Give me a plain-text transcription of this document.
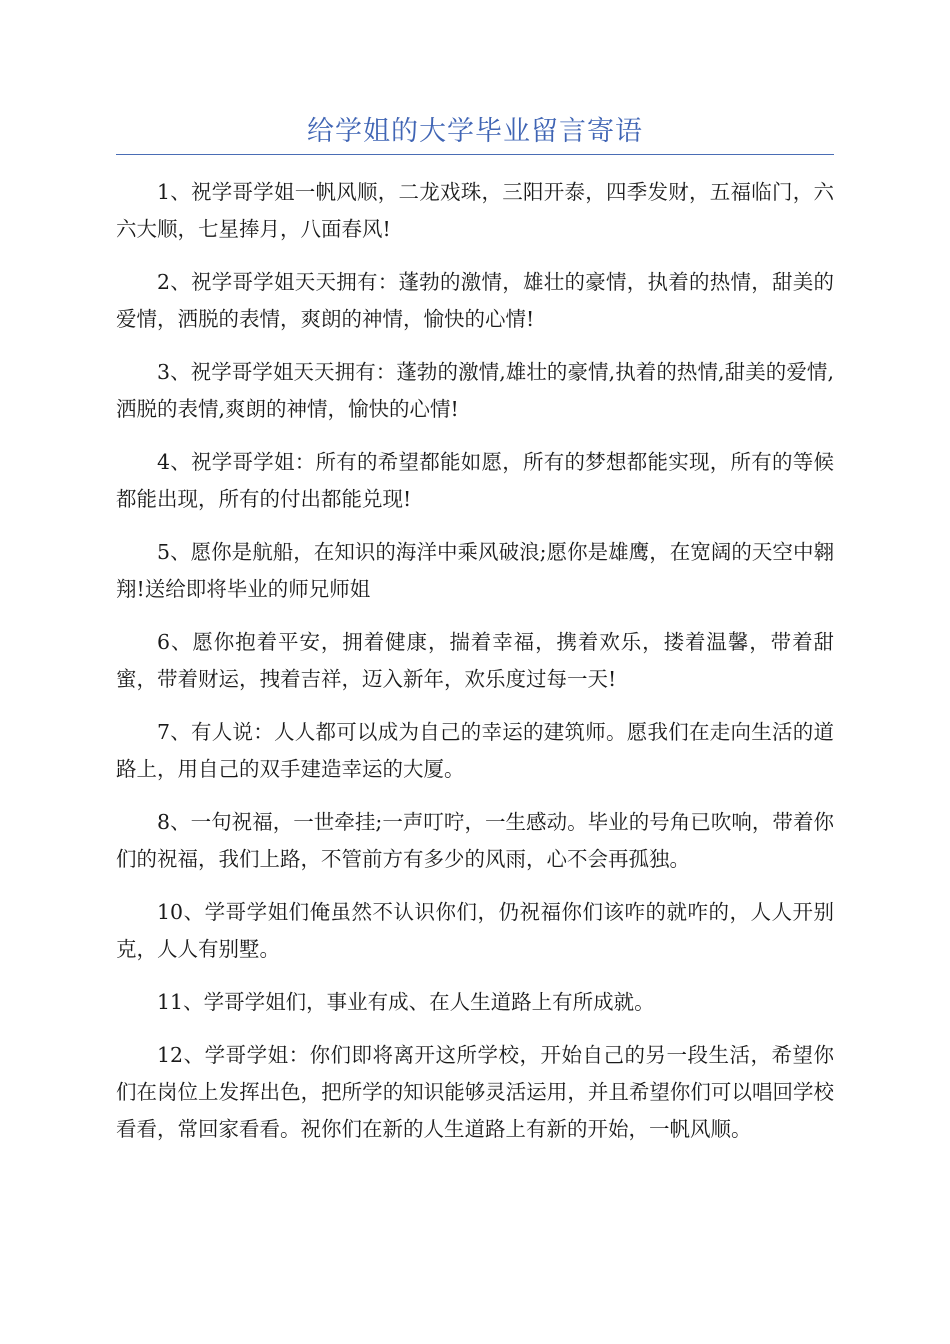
给学姐的大学毕业留言寄语

1、祝学哥学姐一帆风顺，二龙戏珠，三阳开泰，四季发财，五福临门，六六大顺，七星捧月，八面春风!

2、祝学哥学姐天天拥有：蓬勃的激情，雄壮的豪情，执着的热情，甜美的爱情，洒脱的表情，爽朗的神情，愉快的心情!

3、祝学哥学姐天天拥有：蓬勃的激情,雄壮的豪情,执着的热情,甜美的爱情,洒脱的表情,爽朗的神情，愉快的心情!

4、祝学哥学姐：所有的希望都能如愿，所有的梦想都能实现，所有的等候都能出现，所有的付出都能兑现!

5、愿你是航船，在知识的海洋中乘风破浪;愿你是雄鹰，在宽阔的天空中翱翔!送给即将毕业的师兄师姐

6、愿你抱着平安，拥着健康，揣着幸福，携着欢乐，搂着温馨，带着甜蜜，带着财运，拽着吉祥，迈入新年，欢乐度过每一天!

7、有人说：人人都可以成为自己的幸运的建筑师。愿我们在走向生活的道路上，用自己的双手建造幸运的大厦。

8、一句祝福，一世牵挂;一声叮咛，一生感动。毕业的号角已吹响，带着你们的祝福，我们上路，不管前方有多少的风雨，心不会再孤独。

10、学哥学姐们俺虽然不认识你们，仍祝福你们该咋的就咋的，人人开别克，人人有别墅。

11、学哥学姐们，事业有成、在人生道路上有所成就。

12、学哥学姐：你们即将离开这所学校，开始自己的另一段生活，希望你们在岗位上发挥出色，把所学的知识能够灵活运用，并且希望你们可以唱回学校看看，常回家看看。祝你们在新的人生道路上有新的开始，一帆风顺。
